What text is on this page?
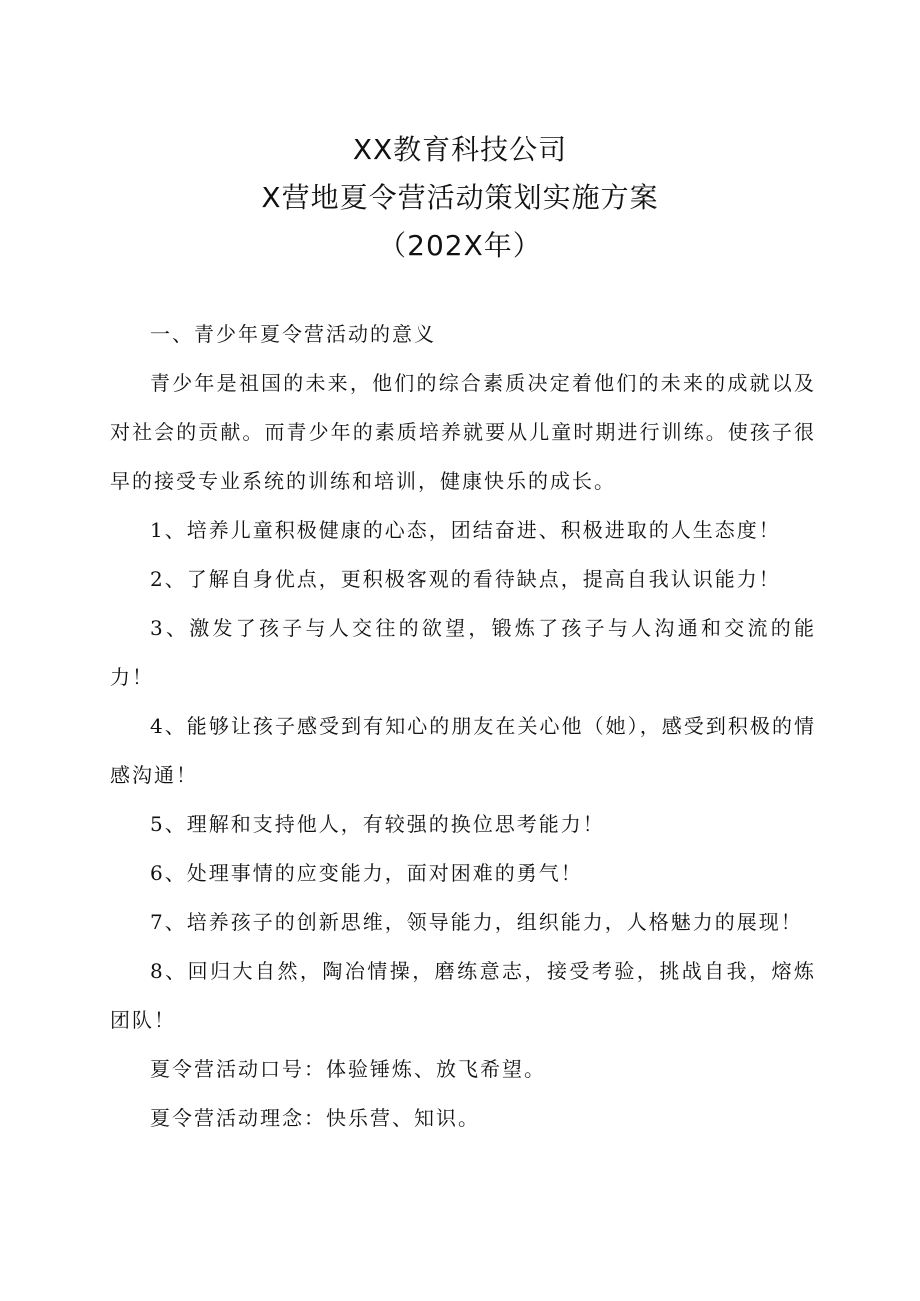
XX教育科技公司
X营地夏令营活动策划实施方案
（202X年）

一、青少年夏令营活动的意义

青少年是祖国的未来，他们的综合素质决定着他们的未来的成就以及对社会的贡献。而青少年的素质培养就要从儿童时期进行训练。使孩子很早的接受专业系统的训练和培训，健康快乐的成长。

1、培养儿童积极健康的心态，团结奋进、积极进取的人生态度！

2、了解自身优点，更积极客观的看待缺点，提高自我认识能力！

3、激发了孩子与人交往的欲望，锻炼了孩子与人沟通和交流的能力！

4、能够让孩子感受到有知心的朋友在关心他（她），感受到积极的情感沟通！

5、理解和支持他人，有较强的换位思考能力！

6、处理事情的应变能力，面对困难的勇气！

7、培养孩子的创新思维，领导能力，组织能力，人格魅力的展现！

8、回归大自然，陶冶情操，磨练意志，接受考验，挑战自我，熔炼团队！

夏令营活动口号：体验锤炼、放飞希望。

夏令营活动理念：快乐营、知识。
